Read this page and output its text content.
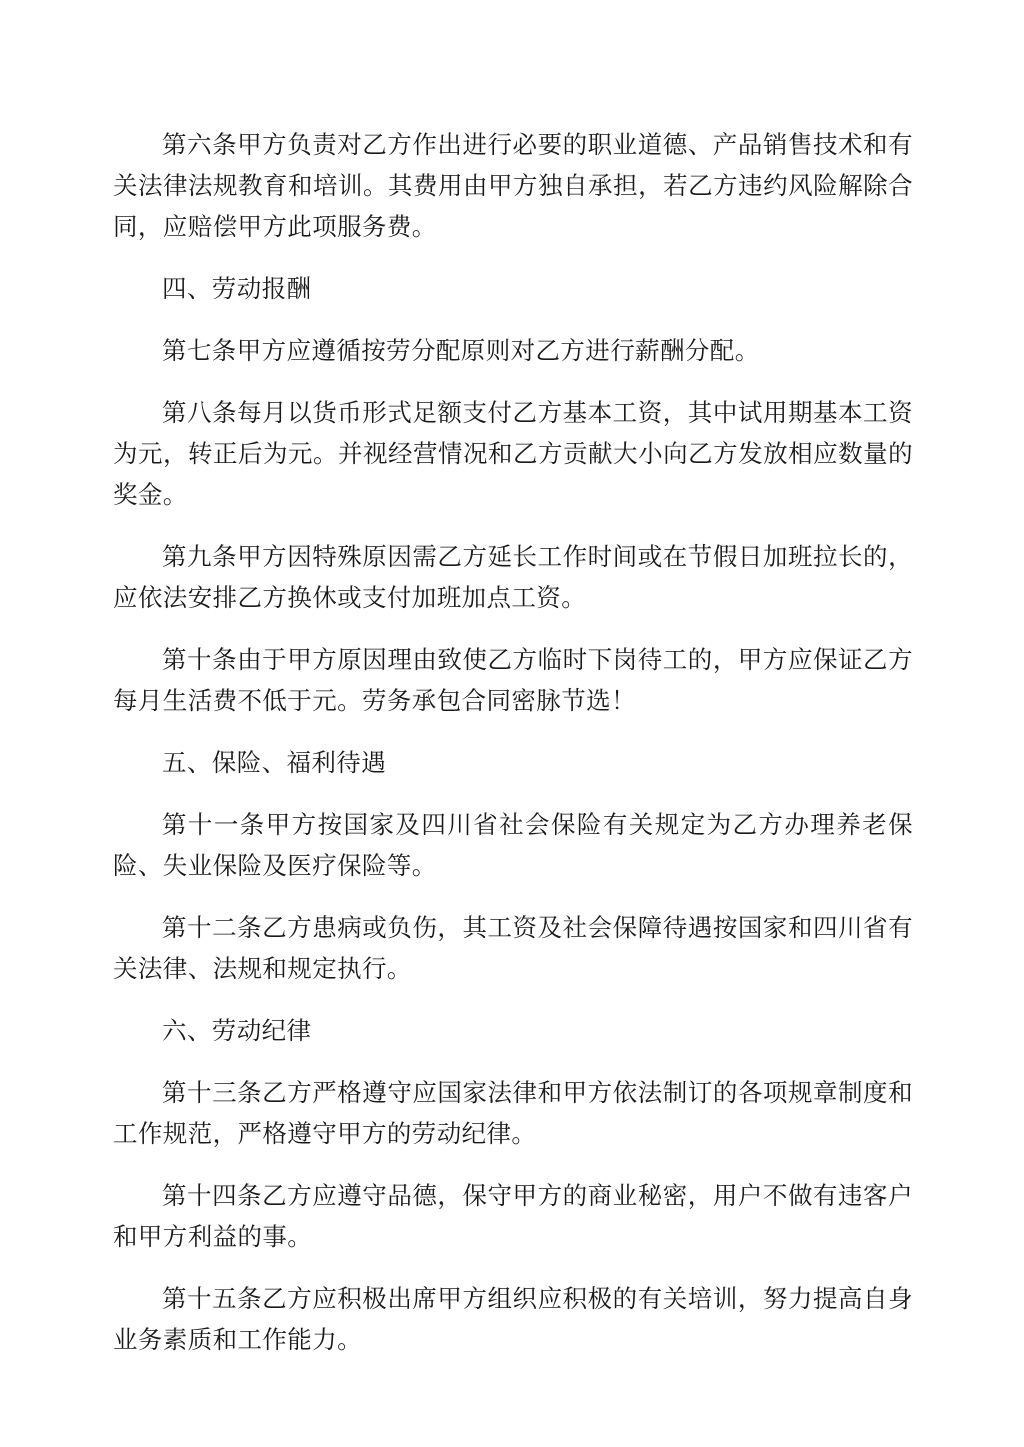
第六条甲方负责对乙方作出进行必要的职业道德、产品销售技术和有关法律法规教育和培训。其费用由甲方独自承担，若乙方违约风险解除合同，应赔偿甲方此项服务费。

四、劳动报酬

第七条甲方应遵循按劳分配原则对乙方进行薪酬分配。

第八条每月以货币形式足额支付乙方基本工资，其中试用期基本工资为元，转正后为元。并视经营情况和乙方贡献大小向乙方发放相应数量的奖金。

第九条甲方因特殊原因需乙方延长工作时间或在节假日加班拉长的，应依法安排乙方换休或支付加班加点工资。

第十条由于甲方原因理由致使乙方临时下岗待工的，甲方应保证乙方每月生活费不低于元。劳务承包合同密脉节选！

五、保险、福利待遇

第十一条甲方按国家及四川省社会保险有关规定为乙方办理养老保险、失业保险及医疗保险等。

第十二条乙方患病或负伤，其工资及社会保障待遇按国家和四川省有关法律、法规和规定执行。

六、劳动纪律

第十三条乙方严格遵守应国家法律和甲方依法制订的各项规章制度和工作规范，严格遵守甲方的劳动纪律。

第十四条乙方应遵守品德，保守甲方的商业秘密，用户不做有违客户和甲方利益的事。

第十五条乙方应积极出席甲方组织应积极的有关培训，努力提高自身业务素质和工作能力。
